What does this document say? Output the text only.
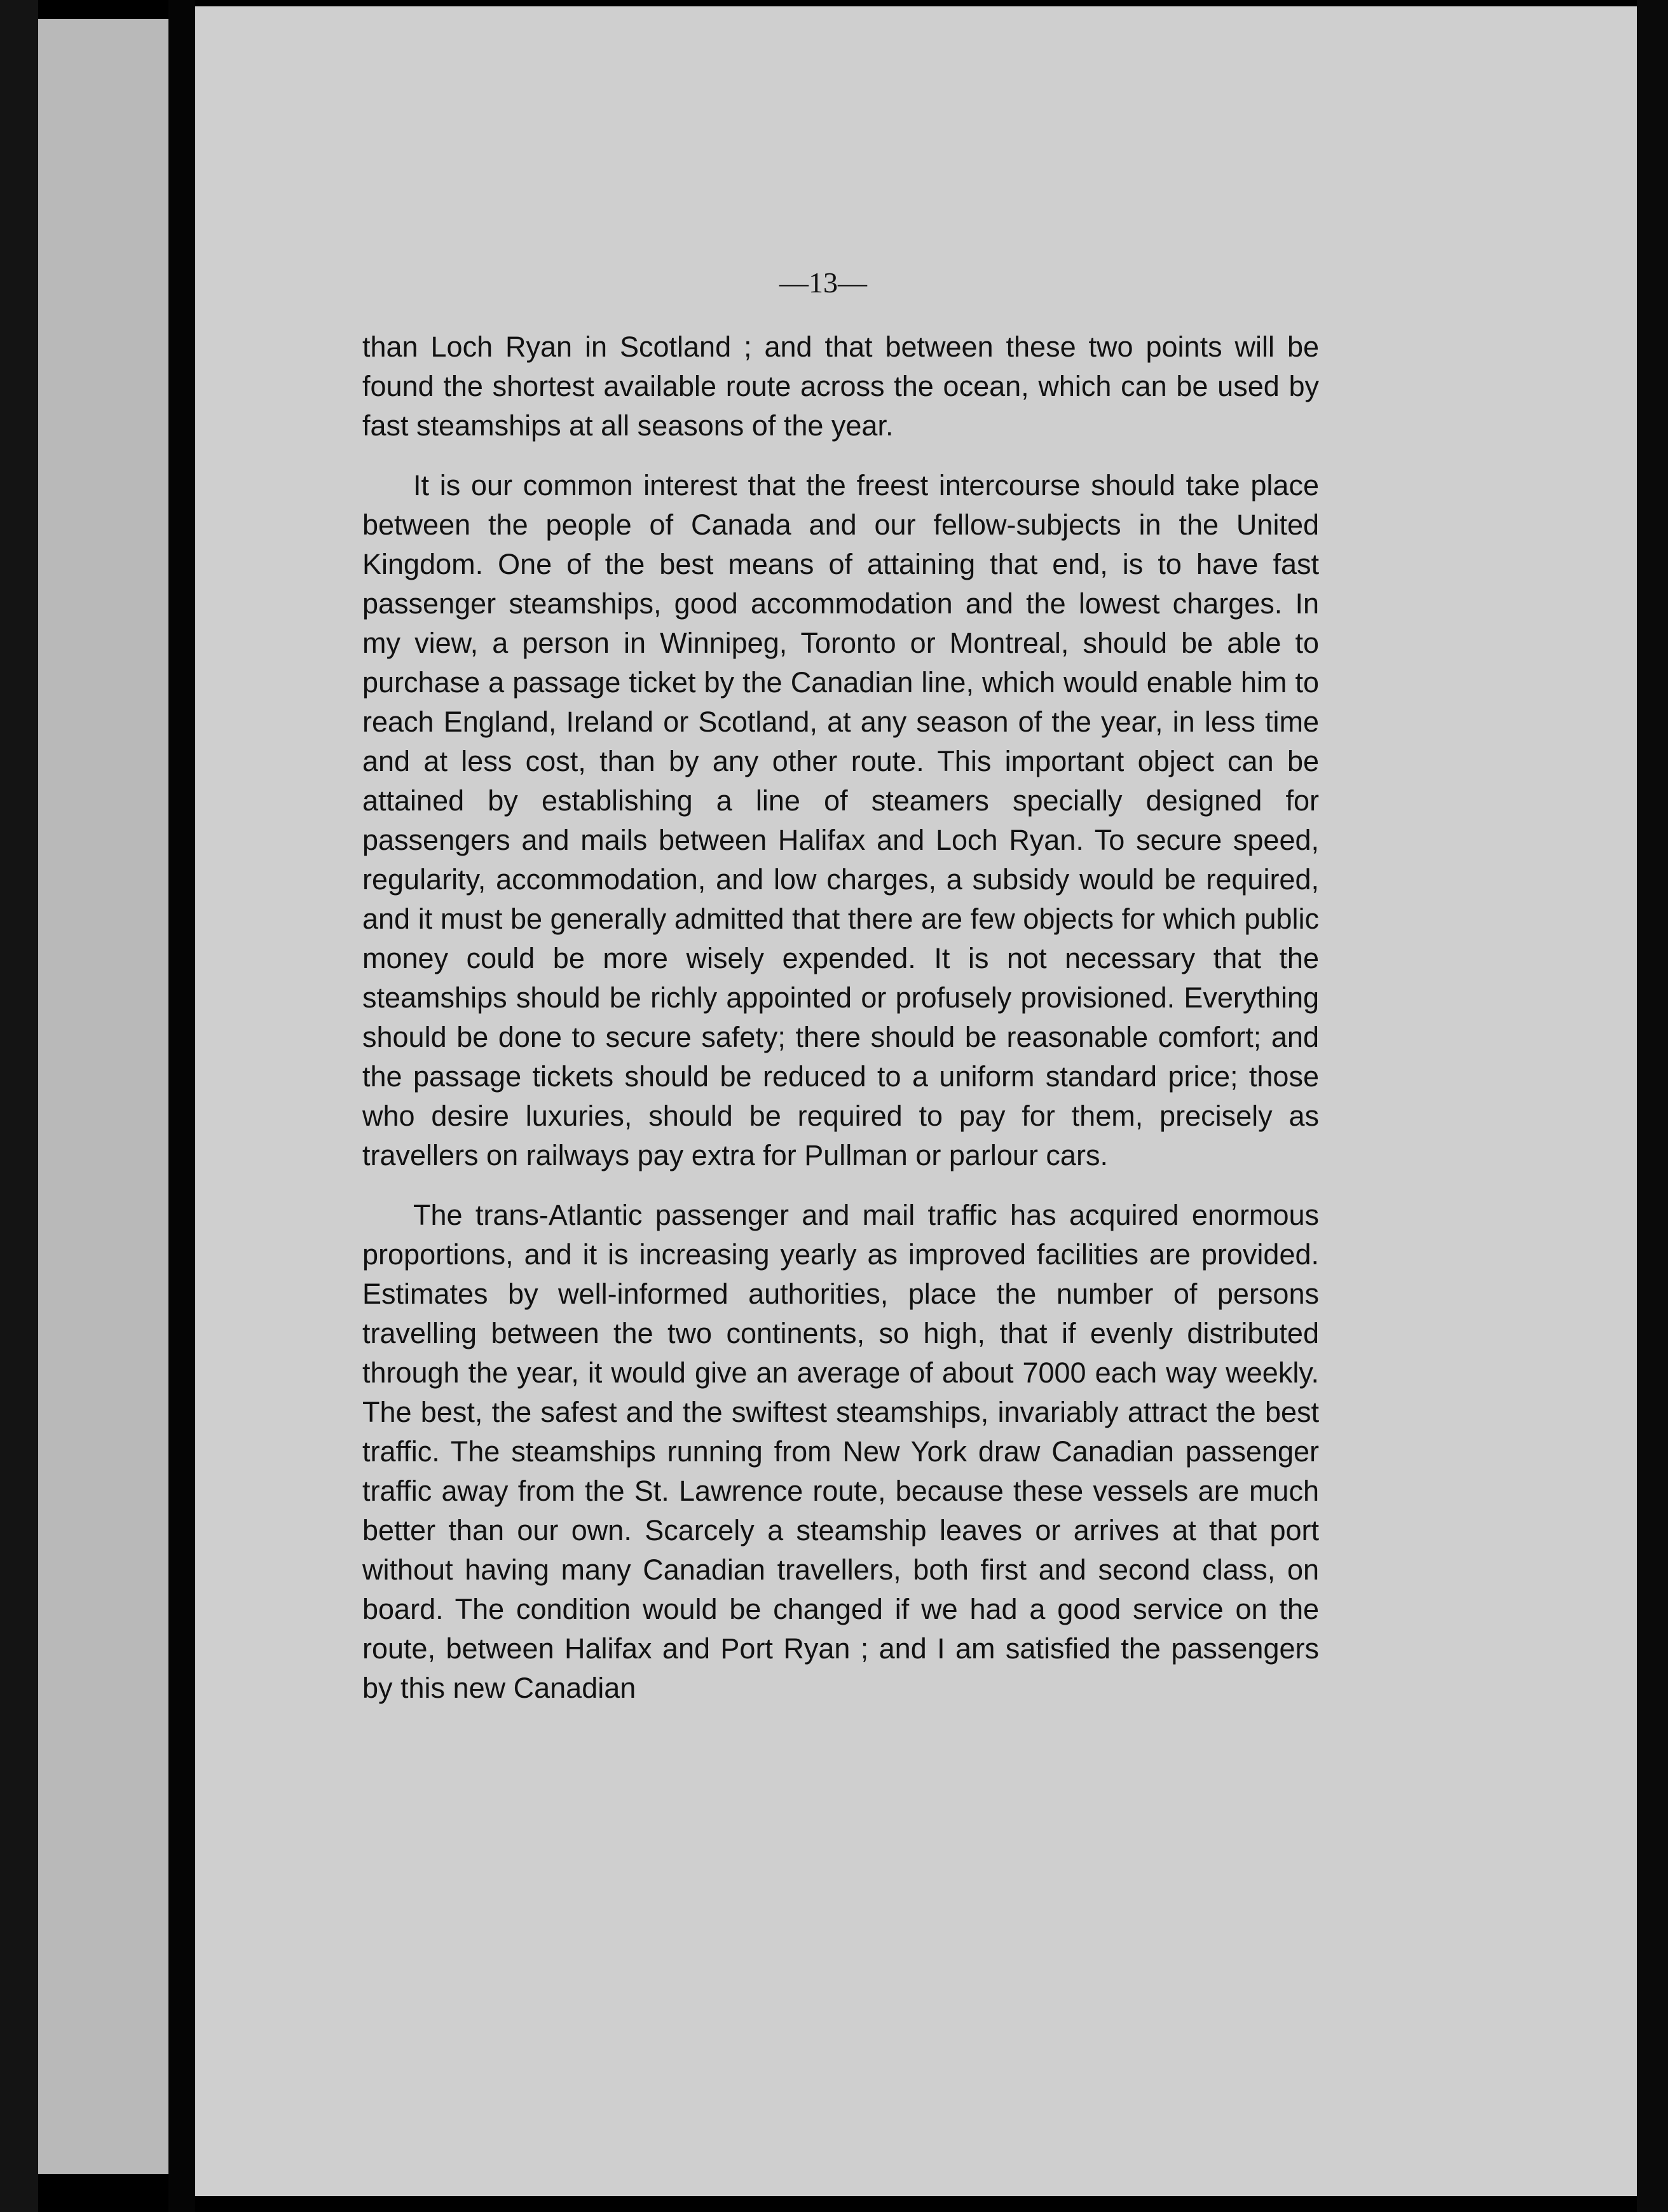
—13—

than Loch Ryan in Scotland ; and that between these two points will be found the shortest available route across the ocean, which can be used by fast steamships at all seasons of the year.

It is our common interest that the freest intercourse should take place between the people of Canada and our fellow-subjects in the United Kingdom. One of the best means of attaining that end, is to have fast passenger steamships, good accommodation and the lowest charges. In my view, a person in Winnipeg, Toronto or Montreal, should be able to purchase a passage ticket by the Canadian line, which would enable him to reach England, Ireland or Scotland, at any season of the year, in less time and at less cost, than by any other route. This important object can be attained by establishing a line of steamers specially designed for passengers and mails between Halifax and Loch Ryan. To secure speed, regularity, accommodation, and low charges, a subsidy would be required, and it must be generally admitted that there are few objects for which public money could be more wisely expended. It is not necessary that the steamships should be richly appointed or profusely provisioned. Everything should be done to secure safety; there should be reasonable comfort; and the passage tickets should be reduced to a uniform standard price; those who desire luxuries, should be required to pay for them, precisely as travellers on railways pay extra for Pullman or parlour cars.

The trans-Atlantic passenger and mail traffic has acquired enormous proportions, and it is increasing yearly as improved facilities are provided. Estimates by well-informed authorities, place the number of persons travelling between the two continents, so high, that if evenly distributed through the year, it would give an average of about 7000 each way weekly. The best, the safest and the swiftest steamships, invariably attract the best traffic. The steamships running from New York draw Canadian passenger traffic away from the St. Lawrence route, because these vessels are much better than our own. Scarcely a steamship leaves or arrives at that port without having many Canadian travellers, both first and second class, on board. The condition would be changed if we had a good service on the route, between Halifax and Port Ryan ; and I am satisfied the passengers by this new Canadian
